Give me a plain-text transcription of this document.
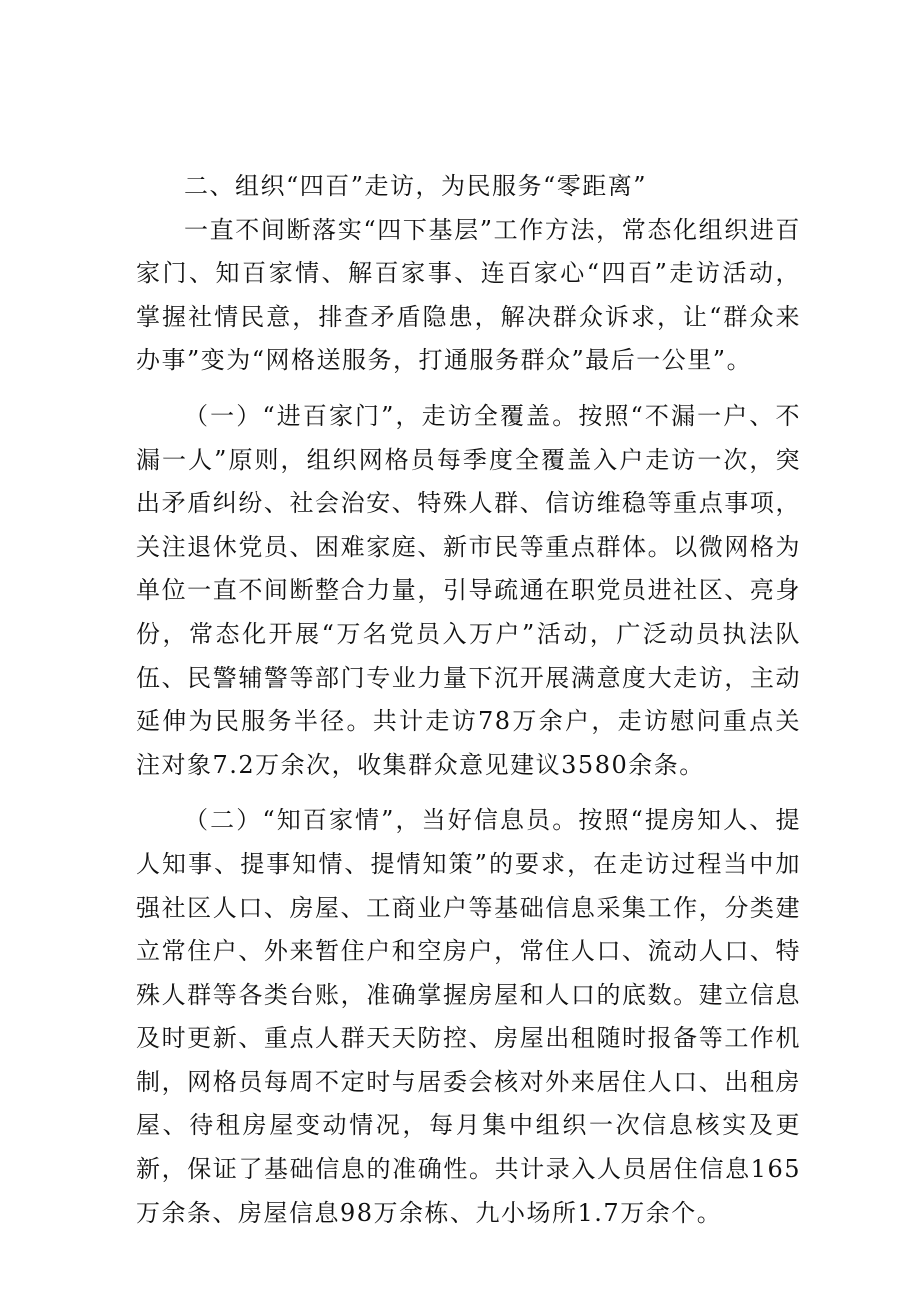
二、组织“四百”走访，为民服务“零距离”

一直不间断落实“四下基层”工作方法，常态化组织进百家门、知百家情、解百家事、连百家心“四百”走访活动，掌握社情民意，排查矛盾隐患，解决群众诉求，让“群众来办事”变为“网格送服务，打通服务群众”最后一公里”。

（一）“进百家门”，走访全覆盖。按照“不漏一户、不漏一人”原则，组织网格员每季度全覆盖入户走访一次，突出矛盾纠纷、社会治安、特殊人群、信访维稳等重点事项，关注退休党员、困难家庭、新市民等重点群体。以微网格为单位一直不间断整合力量，引导疏通在职党员进社区、亮身份，常态化开展“万名党员入万户”活动，广泛动员执法队伍、民警辅警等部门专业力量下沉开展满意度大走访，主动延伸为民服务半径。共计走访78万余户，走访慰问重点关注对象7.2万余次，收集群众意见建议3580余条。

（二）“知百家情”，当好信息员。按照“提房知人、提人知事、提事知情、提情知策”的要求，在走访过程当中加强社区人口、房屋、工商业户等基础信息采集工作，分类建立常住户、外来暂住户和空房户，常住人口、流动人口、特殊人群等各类台账，准确掌握房屋和人口的底数。建立信息及时更新、重点人群天天防控、房屋出租随时报备等工作机制，网格员每周不定时与居委会核对外来居住人口、出租房屋、待租房屋变动情况，每月集中组织一次信息核实及更新，保证了基础信息的准确性。共计录入人员居住信息165万余条、房屋信息98万余栋、九小场所1.7万余个。
